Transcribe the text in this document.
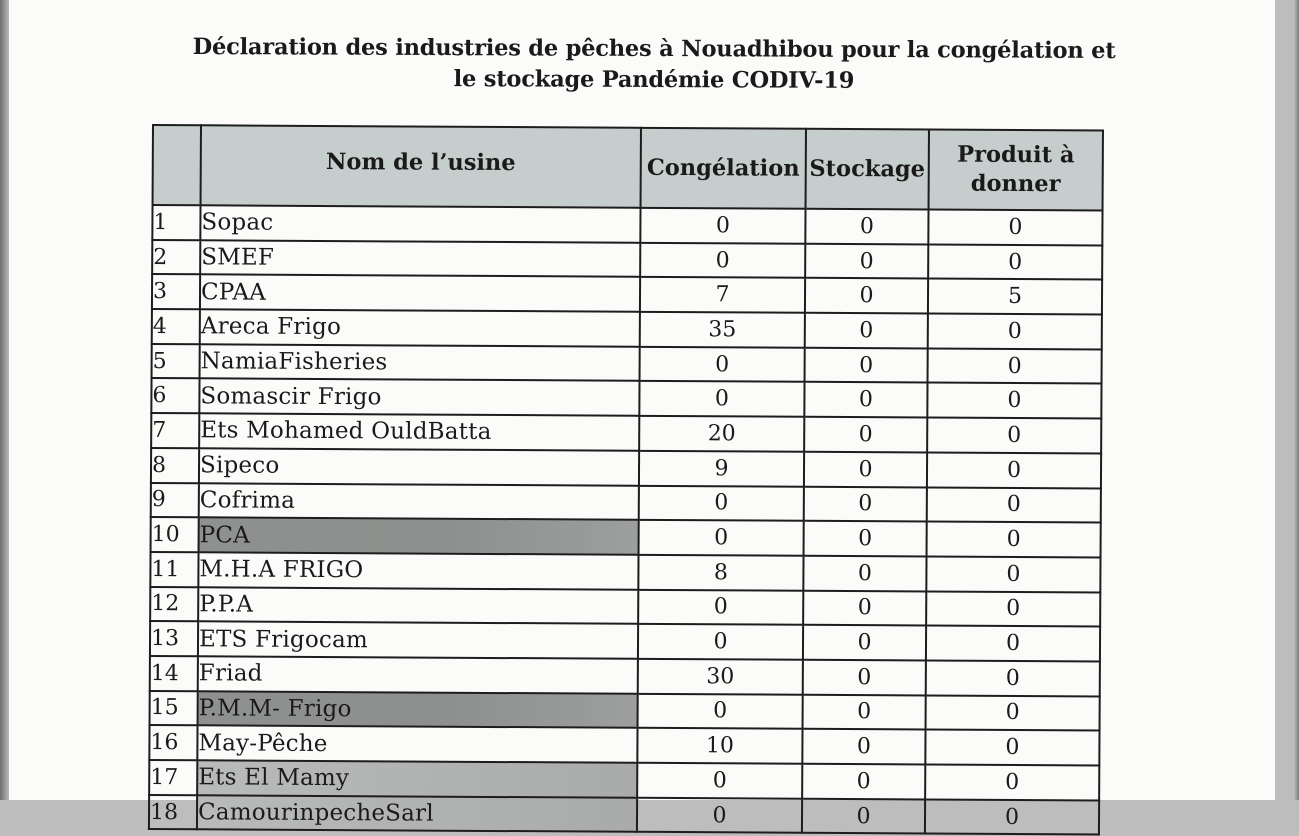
Déclaration des industries de pêches à Nouadhibou pour la congélation et
le stockage Pandémie CODIV-19
	Nom de l’usine	Congélation	Stockage	Produit à donner
1	Sopac	0	0	0
2	SMEF	0	0	0
3	CPAA	7	0	5
4	Areca Frigo	35	0	0
5	NamiaFisheries	0	0	0
6	Somascir Frigo	0	0	0
7	Ets Mohamed OuldBatta	20	0	0
8	Sipeco	9	0	0
9	Cofrima	0	0	0
10	PCA	0	0	0
11	M.H.A FRIGO	8	0	0
12	P.P.A	0	0	0
13	ETS Frigocam	0	0	0
14	Friad	30	0	0
15	P.M.M- Frigo	0	0	0
16	May-Pêche	10	0	0
17	Ets El Mamy	0	0	0
18	CamourinpecheSarl	0	0	0
